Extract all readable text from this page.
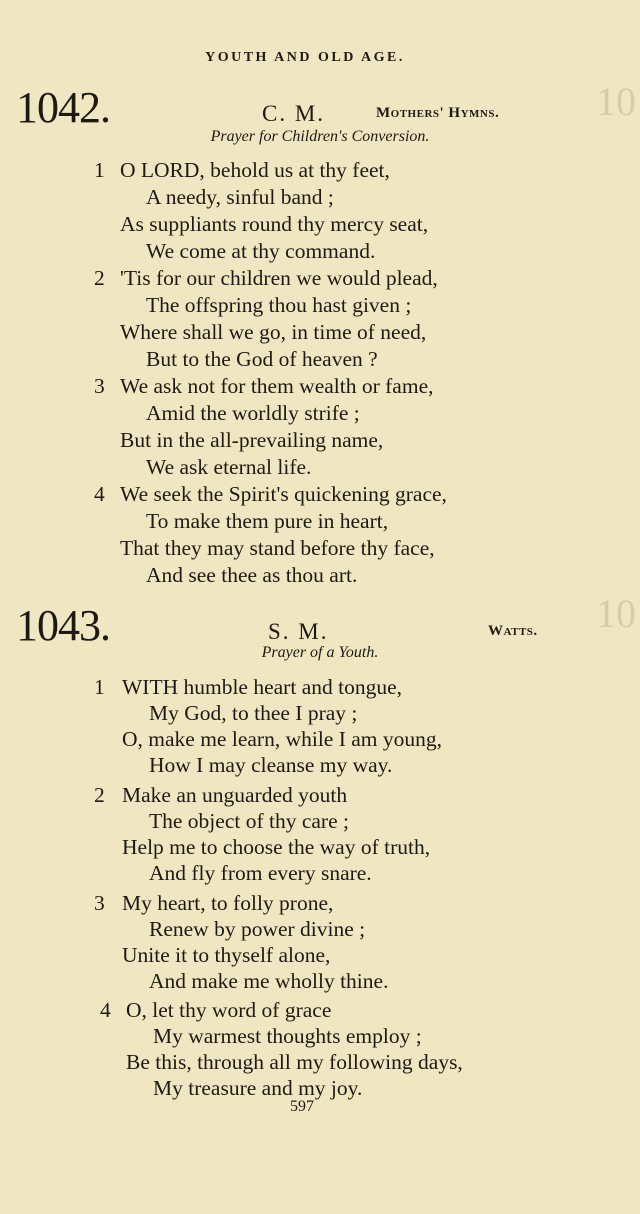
YOUTH AND OLD AGE.
10
10
1042.	C. M.	Mothers' Hymns.
Prayer for Children's Conversion.
1 O LORD, behold us at thy feet,
A needy, sinful band ;
As suppliants round thy mercy seat,
We come at thy command.
2 'Tis for our children we would plead,
The offspring thou hast given ;
Where shall we go, in time of need,
But to the God of heaven ?
3 We ask not for them wealth or fame,
Amid the worldly strife ;
But in the all-prevailing name,
We ask eternal life.
4 We seek the Spirit's quickening grace,
To make them pure in heart,
That they may stand before thy face,
And see thee as thou art.
1043.	S. M.	Watts.
Prayer of a Youth.
1 WITH humble heart and tongue,
My God, to thee I pray ;
O, make me learn, while I am young,
How I may cleanse my way.
2 Make an unguarded youth
The object of thy care ;
Help me to choose the way of truth,
And fly from every snare.
3 My heart, to folly prone,
Renew by power divine ;
Unite it to thyself alone,
And make me wholly thine.
4 O, let thy word of grace
My warmest thoughts employ ;
Be this, through all my following days,
My treasure and my joy.
597
